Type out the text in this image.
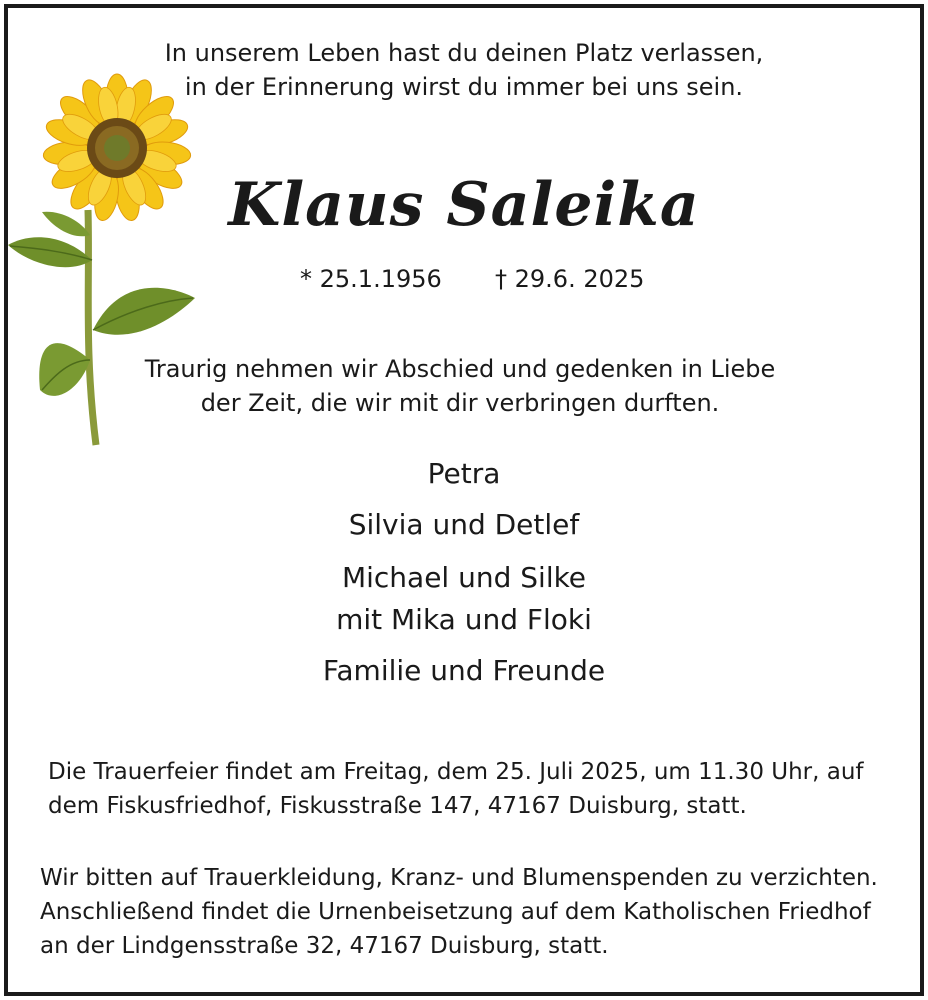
In unserem Leben hast du deinen Platz verlassen,
in der Erinnerung wirst du immer bei uns sein.
Klaus Saleika
* 25.1.1956 † 29.6. 2025
Traurig nehmen wir Abschied und gedenken in Liebe
der Zeit, die wir mit dir verbringen durften.
Petra
Silvia und Detlef
Michael und Silke
mit Mika und Floki
Familie und Freunde
Die Trauerfeier findet am Freitag, dem 25. Juli 2025, um 11.30 Uhr, auf
dem Fiskusfriedhof, Fiskusstraße 147, 47167 Duisburg, statt.
Wir bitten auf Trauerkleidung, Kranz- und Blumenspenden zu verzichten.
Anschließend findet die Urnenbeisetzung auf dem Katholischen Friedhof
an der Lindgensstraße 32, 47167 Duisburg, statt.
